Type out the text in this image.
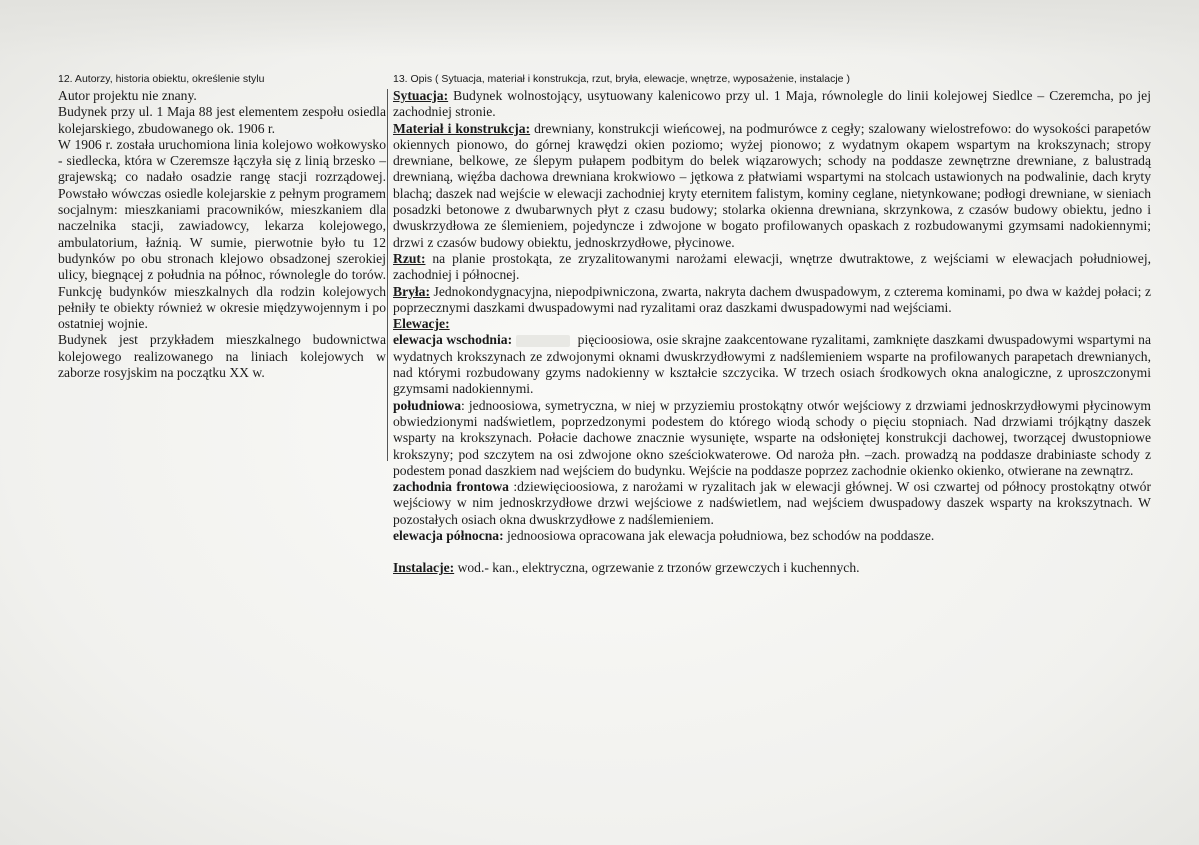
12. Autorzy, historia obiektu, określenie stylu

Autor projektu nie znany.

Budynek przy ul. 1 Maja 88 jest elementem zespołu osiedla kolejarskiego, zbudowanego ok. 1906 r.

W 1906 r. została uruchomiona linia kolejowo wołkowysko - siedlecka, która w Czeremsze łączyła się z linią brzesko – grajewską; co nadało osadzie rangę stacji rozrządowej. Powstało wówczas osiedle kolejarskie z pełnym programem socjalnym: mieszkaniami pracowników, mieszkaniem dla naczelnika stacji, zawiadowcy, lekarza kolejowego, ambulatorium, łaźnią. W sumie, pierwotnie było tu 12 budynków po obu stronach klejowo obsadzonej szerokiej ulicy, biegnącej z południa na północ, równolegle do torów. Funkcję budynków mieszkalnych dla rodzin kolejowych pełniły te obiekty również w okresie międzywojennym i po ostatniej wojnie.

Budynek jest przykładem mieszkalnego budownictwa kolejowego realizowanego na liniach kolejowych w zaborze rosyjskim na początku XX w.

13. Opis ( Sytuacja, materiał i konstrukcja, rzut, bryła, elewacje, wnętrze, wyposażenie, instalacje )

Sytuacja: Budynek wolnostojący, usytuowany kalenicowo przy ul. 1 Maja, równolegle do linii kolejowej Siedlce – Czeremcha, po jej zachodniej stronie.

Materiał i konstrukcja: drewniany, konstrukcji wieńcowej, na podmurówce z cegły; szalowany wielostrefowo: do wysokości parapetów okiennych pionowo, do górnej krawędzi okien poziomo; wyżej pionowo; z wydatnym okapem wspartym na krokszynach; stropy drewniane, belkowe, ze ślepym pułapem podbitym do belek wiązarowych; schody na poddasze zewnętrzne drewniane, z balustradą drewnianą, więźba dachowa drewniana krokwiowo – jętkowa z płatwiami wspartymi na stolcach ustawionych na podwalinie, dach kryty blachą; daszek nad wejście w elewacji zachodniej kryty eternitem falistym, kominy ceglane, nietynkowane; podłogi drewniane, w sieniach posadzki betonowe z dwubarwnych płyt z czasu budowy; stolarka okienna drewniana, skrzynkowa, z czasów budowy obiektu, jedno i dwuskrzydłowa ze ślemieniem, pojedyncze i zdwojone w bogato profilowanych opaskach z rozbudowanymi gzymsami nadokiennymi; drzwi z czasów budowy obiektu, jednoskrzydłowe, płycinowe.

Rzut: na planie prostokąta, ze zryzalitowanymi narożami elewacji, wnętrze dwutraktowe, z wejściami w elewacjach południowej, zachodniej i północnej.

Bryła: Jednokondygnacyjna, niepodpiwniczona, zwarta, nakryta dachem dwuspadowym, z czterema kominami, po dwa w każdej połaci; z poprzecznymi daszkami dwuspadowymi nad ryzalitami oraz daszkami dwuspadowymi nad wejściami.

Elewacje:

elewacja wschodnia:	pięcioosiowa, osie skrajne zaakcentowane ryzalitami, zamknięte daszkami dwuspadowymi wspartymi na wydatnych krokszynach ze zdwojonymi oknami dwuskrzydłowymi z nadślemieniem wsparte na profilowanych parapetach drewnianych, nad którymi rozbudowany gzyms nadokienny w kształcie szczycika. W trzech osiach środkowych okna analogiczne, z uproszczonymi gzymsami nadokiennymi.

południowa: jednoosiowa, symetryczna, w niej w przyziemiu prostokątny otwór wejściowy z drzwiami jednoskrzydłowymi płycinowym obwiedzionymi nadświetlem, poprzedzonymi podestem do którego wiodą schody o pięciu stopniach. Nad drzwiami trójkątny daszek wsparty na krokszynach. Połacie dachowe znacznie wysunięte, wsparte na odsłoniętej konstrukcji dachowej, tworzącej dwustopniowe krokszyny; pod szczytem na osi zdwojone okno sześciokwaterowe. Od naroża płn. –zach. prowadzą na poddasze drabiniaste schody z podestem ponad daszkiem nad wejściem do budynku. Wejście na poddasze poprzez zachodnie okienko okienko, otwierane na zewnątrz.

zachodnia frontowa :dziewięcioosiowa, z narożami w ryzalitach jak w elewacji głównej. W osi czwartej od północy prostokątny otwór wejściowy w nim jednoskrzydłowe drzwi wejściowe z nadświetlem, nad wejściem dwuspadowy daszek wsparty na krokszytnach. W pozostałych osiach okna dwuskrzydłowe z nadślemieniem.

elewacja północna: jednoosiowa opracowana jak elewacja południowa, bez schodów na poddasze.

Instalacje: wod.- kan., elektryczna, ogrzewanie z trzonów grzewczych i kuchennych.
